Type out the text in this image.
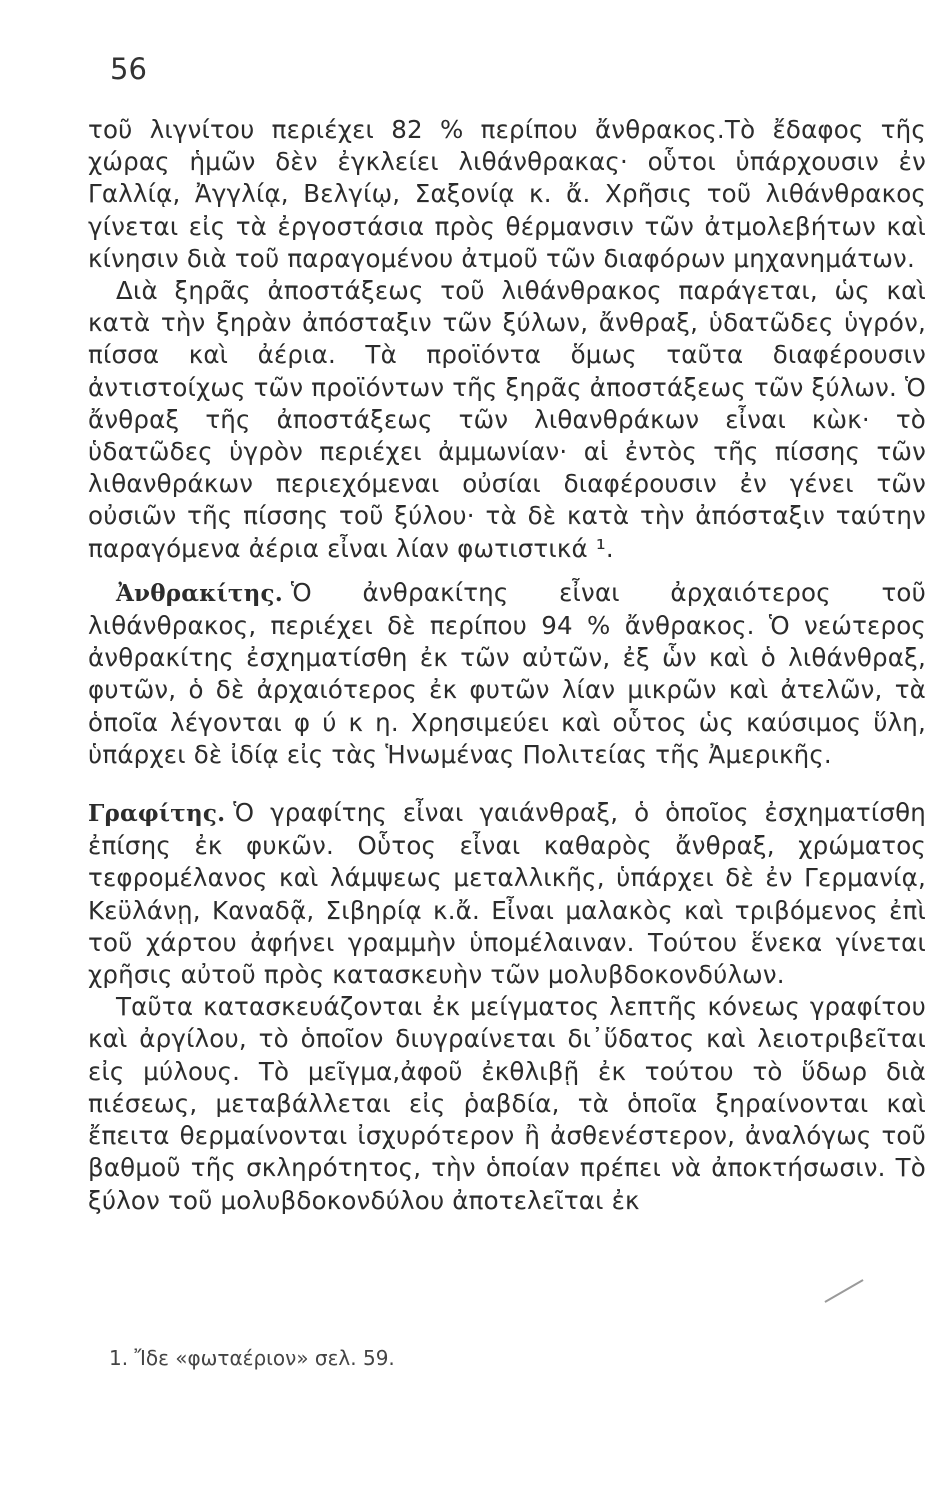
56

τοῦ λιγνίτου περιέχει 82 % περίπου ἄνθρακος.Τὸ ἔδαφος τῆς χώρας ἡμῶν δὲν ἐγκλείει λιθάνθρακας· οὗτοι ὑπάρχουσιν ἐν Γαλλίᾳ, Ἀγγλίᾳ, Βελγίῳ, Σαξονίᾳ κ. ἄ. Χρῆσις τοῦ λιθάνθρακος γίνεται εἰς τὰ ἐργοστάσια πρὸς θέρμανσιν τῶν ἀτμολεβήτων καὶ κίνησιν διὰ τοῦ παραγομένου ἀτμοῦ τῶν διαφόρων μηχανημάτων.

Διὰ ξηρᾶς ἀποστάξεως τοῦ λιθάνθρακος παράγεται, ὡς καὶ κατὰ τὴν ξηρὰν ἀπόσταξιν τῶν ξύλων, ἄνθραξ, ὑδατῶδες ὑγρόν, πίσσα καὶ ἀέρια. Τὰ προϊόντα ὅμως ταῦτα διαφέρουσιν ἀντιστοίχως τῶν προϊόντων τῆς ξηρᾶς ἀποστάξεως τῶν ξύλων. Ὁ ἄνθραξ τῆς ἀποστάξεως τῶν λιθανθράκων εἶναι κὼκ· τὸ ὑδατῶδες ὑγρὸν περιέχει ἀμμωνίαν· αἱ ἐντὸς τῆς πίσσης τῶν λιθανθράκων περιεχόμεναι οὐσίαι διαφέρουσιν ἐν γένει τῶν οὐσιῶν τῆς πίσσης τοῦ ξύλου· τὰ δὲ κατὰ τὴν ἀπόσταξιν ταύτην παραγόμενα ἀέρια εἶναι λίαν φωτιστικά ¹.

Ἀνθρακίτης. Ὁ ἀνθρακίτης εἶναι ἀρχαιότερος τοῦ λιθάνθρακος, περιέχει δὲ περίπου 94 % ἄνθρακος. Ὁ νεώτερος ἀνθρακίτης ἐσχηματίσθη ἐκ τῶν αὐτῶν, ἐξ ὧν καὶ ὁ λιθάνθραξ, φυτῶν, ὁ δὲ ἀρχαιότερος ἐκ φυτῶν λίαν μικρῶν καὶ ἀτελῶν, τὰ ὁποῖα λέγονται φ ύ κ η. Χρησιμεύει καὶ οὗτος ὡς καύσιμος ὕλη, ὑπάρχει δὲ ἰδίᾳ εἰς τὰς Ἡνωμένας Πολιτείας τῆς Ἀμερικῆς.

Γραφίτης. Ὁ γραφίτης εἶναι γαιάνθραξ, ὁ ὁποῖος ἐσχηματίσθη ἐπίσης ἐκ φυκῶν. Οὗτος εἶναι καθαρὸς ἄνθραξ, χρώματος τεφρομέλανος καὶ λάμψεως μεταλλικῆς, ὑπάρχει δὲ ἐν Γερμανίᾳ, Κεϋλάνῃ, Καναδᾷ, Σιβηρίᾳ κ.ἄ. Εἶναι μαλακὸς καὶ τριβόμενος ἐπὶ τοῦ χάρτου ἀφήνει γραμμὴν ὑπομέλαιναν. Τούτου ἕνεκα γίνεται χρῆσις αὐτοῦ πρὸς κατασκευὴν τῶν μολυβδοκονδύλων.

Ταῦτα κατασκευάζονται ἐκ μείγματος λεπτῆς κόνεως γραφίτου καὶ ἀργίλου, τὸ ὁποῖον διυγραίνεται δι᾽ὕδατος καὶ λειοτριβεῖται εἰς μύλους. Τὸ μεῖγμα,ἀφοῦ ἐκθλιβῇ ἐκ τούτου τὸ ὕδωρ διὰ πιέσεως, μεταβάλλεται εἰς ῥαβδία, τὰ ὁποῖα ξηραίνονται καὶ ἔπειτα θερμαίνονται ἰσχυρότερον ἢ ἀσθενέστερον, ἀναλόγως τοῦ βαθμοῦ τῆς σκληρότητος, τὴν ὁποίαν πρέπει νὰ ἀποκτήσωσιν. Τὸ ξύλον τοῦ μολυβδοκονδύλου ἀποτελεῖται ἐκ

1. Ἴδε «φωταέριον» σελ. 59.
